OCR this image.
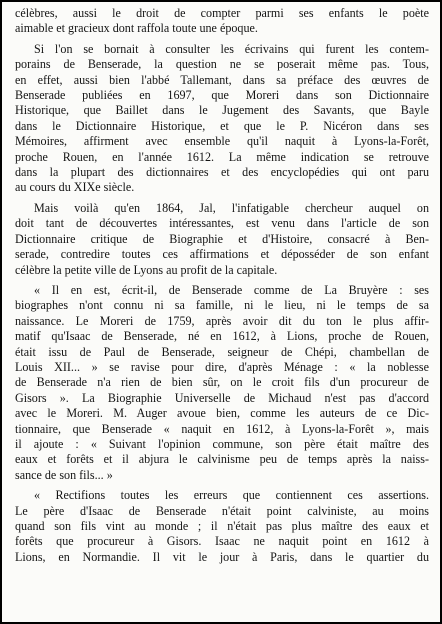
célèbres, aussi le droit de compter parmi ses enfants le poète
aimable et gracieux dont raffola toute une époque.

Si l'on se bornait à consulter les écrivains qui furent les contem-
porains de Benserade, la question ne se poserait même pas. Tous,
en effet, aussi bien l'abbé Tallemant, dans sa préface des œuvres de
Benserade publiées en 1697, que Moreri dans son Dictionnaire
Historique, que Baillet dans le Jugement des Savants, que Bayle
dans le Dictionnaire Historique, et que le P. Nicéron dans ses
Mémoires, affirment avec ensemble qu'il naquit à Lyons-la-Forêt,
proche Rouen, en l'année 1612. La même indication se retrouve
dans la plupart des dictionnaires et des encyclopédies qui ont paru
au cours du XIXe siècle.

Mais voilà qu'en 1864, Jal, l'infatigable chercheur auquel on
doit tant de découvertes intéressantes, est venu dans l'article de son
Dictionnaire critique de Biographie et d'Histoire, consacré à Ben-
serade, contredire toutes ces affirmations et déposséder de son enfant
célèbre la petite ville de Lyons au profit de la capitale.

« Il en est, écrit-il, de Benserade comme de La Bruyère : ses
biographes n'ont connu ni sa famille, ni le lieu, ni le temps de sa
naissance. Le Moreri de 1759, après avoir dit du ton le plus affir-
matif qu'Isaac de Benserade, né en 1612, à Lions, proche de Rouen,
était issu de Paul de Benserade, seigneur de Chépi, chambellan de
Louis XII... » se ravise pour dire, d'après Ménage : « la noblesse
de Benserade n'a rien de bien sûr, on le croit fils d'un procureur de
Gisors ». La Biographie Universelle de Michaud n'est pas d'accord
avec le Moreri. M. Auger avoue bien, comme les auteurs de ce Dic-
tionnaire, que Benserade « naquit en 1612, à Lyons-la-Forêt », mais
il ajoute : « Suivant l'opinion commune, son père était maître des
eaux et forêts et il abjura le calvinisme peu de temps après la naiss-
sance de son fils... »

« Rectifions toutes les erreurs que contiennent ces assertions.
Le père d'Isaac de Benserade n'était point calviniste, au moins
quand son fils vint au monde ; il n'était pas plus maître des eaux et
forêts que procureur à Gisors. Isaac ne naquit point en 1612 à
Lions, en Normandie. Il vit le jour à Paris, dans le quartier du
